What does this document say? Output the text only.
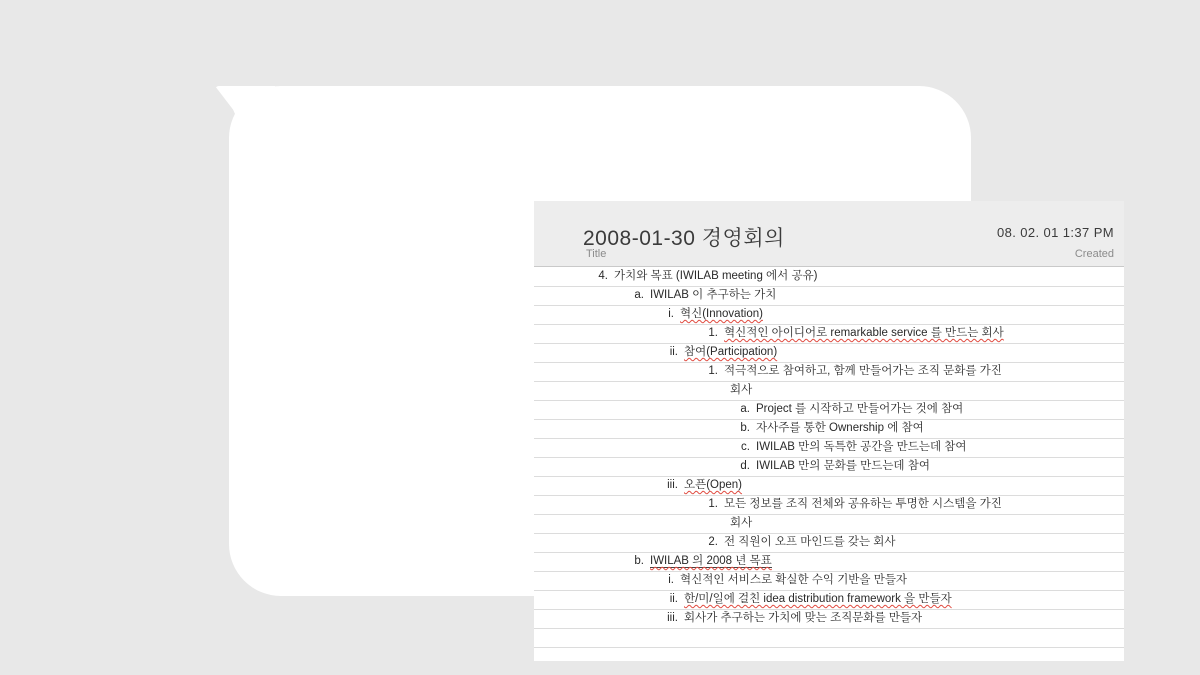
2008-01-30 경영회의
Title
08. 02. 01 1:37 PM
Created
4. 가치와 목표 (IWILAB meeting 에서 공유)
a. IWILAB 이 추구하는 가치
i. 혁신(Innovation)
1. 혁신적인 아이디어로 remarkable service 를 만드는 회사
ii. 참여(Participation)
1. 적극적으로 참여하고, 함께 만들어가는 조직 문화를 가진
회사
a. Project 를 시작하고 만들어가는 것에 참여
b. 자사주를 통한 Ownership 에 참여
c. IWILAB 만의 독특한 공간을 만드는데 참여
d. IWILAB 만의 문화를 만드는데 참여
iii. 오픈(Open)
1. 모든 정보를 조직 전체와 공유하는 투명한 시스템을 가진
회사
2. 전 직원이 오프 마인드를 갖는 회사
b. IWILAB 의 2008 년 목표
i. 혁신적인 서비스로 확실한 수익 기반을 만들자
ii. 한/미/일에 걸친 idea distribution framework 을 만들자
iii. 회사가 추구하는 가치에 맞는 조직문화를 만들자
